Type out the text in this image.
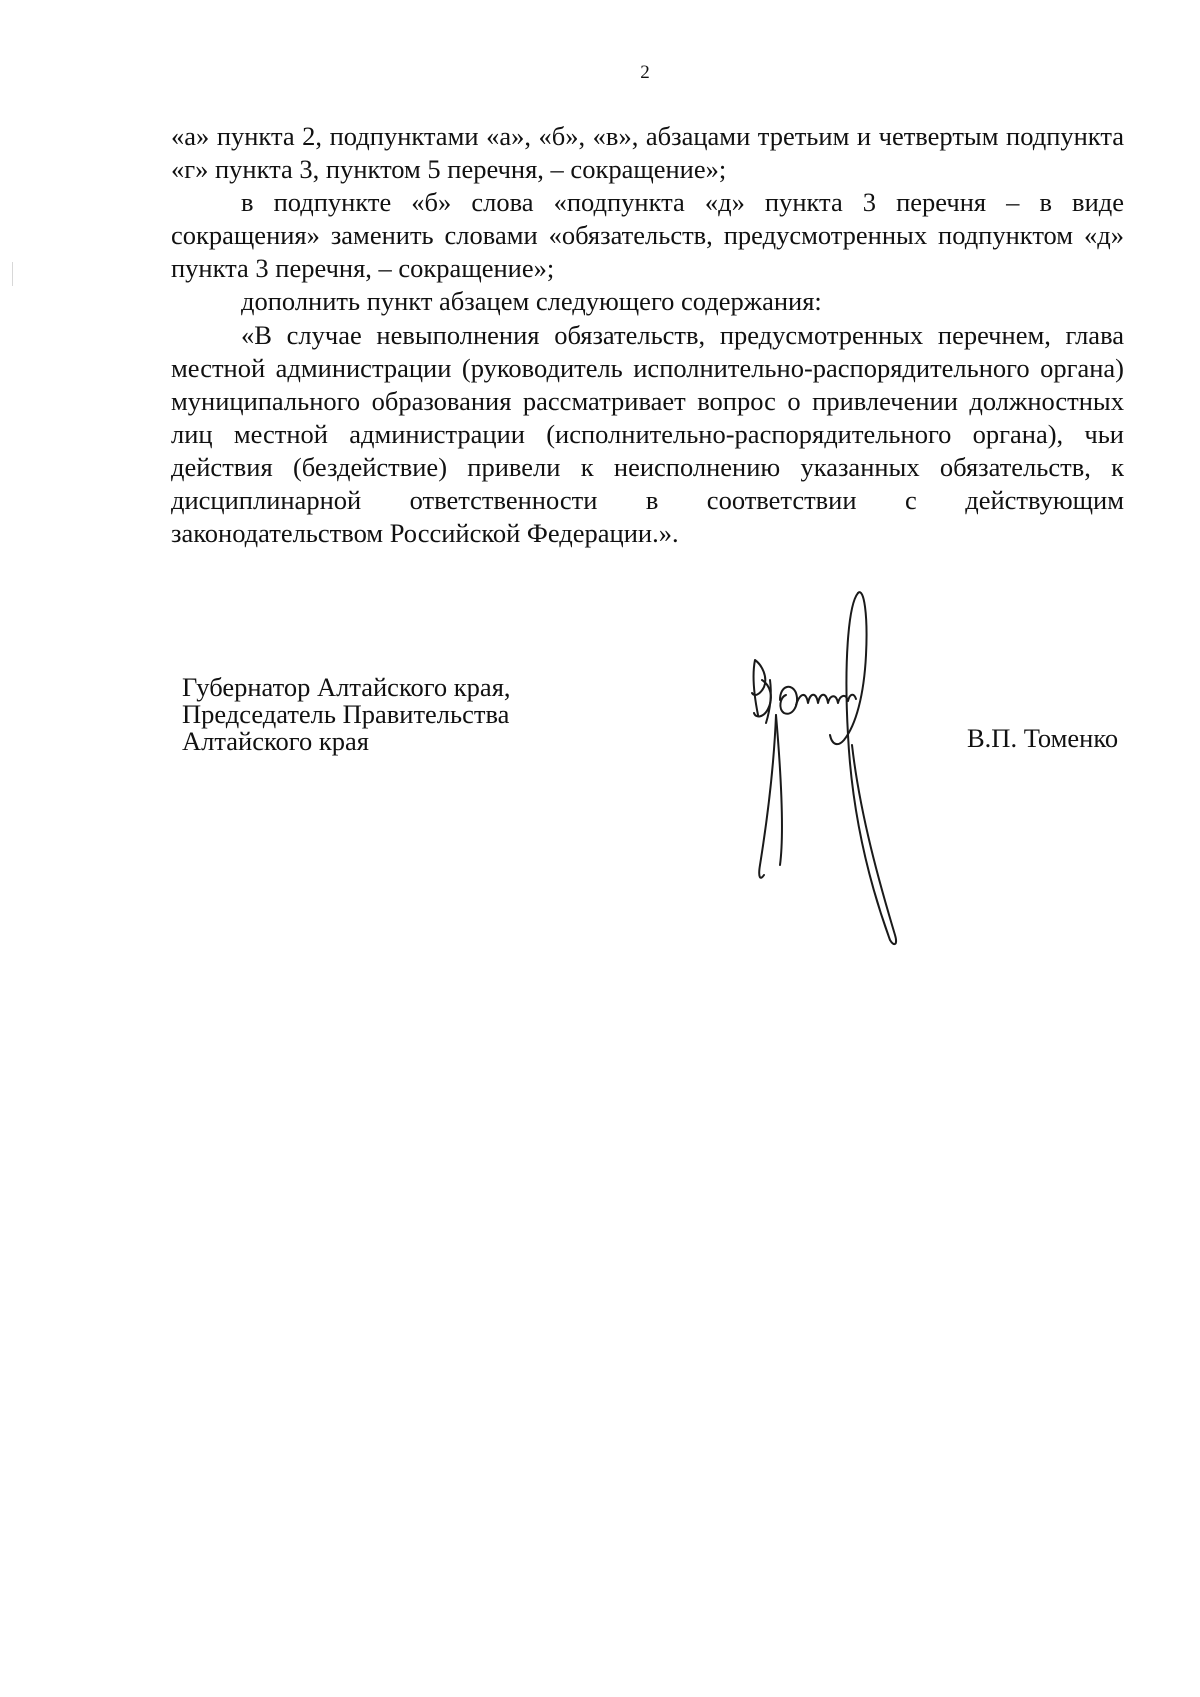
2

«а» пункта 2, подпунктами «а», «б», «в», абзацами третьим и четвертым подпункта «г» пункта 3, пунктом 5 перечня, – сокращение»;

в подпункте «б» слова «подпункта «д» пункта 3 перечня – в виде сокращения» заменить словами «обязательств, предусмотренных подпунктом «д» пункта 3 перечня, – сокращение»;

дополнить пункт абзацем следующего содержания:

«В случае невыполнения обязательств, предусмотренных перечнем, глава местной администрации (руководитель исполнительно-распорядительного органа) муниципального образования рассматривает вопрос о привлечении должностных лиц местной администрации (исполнительно-распорядительного органа), чьи действия (бездействие) привели к неисполнению указанных обязательств, к дисциплинарной ответственности в соответствии с действующим законодательством Российской Федерации.».

Губернатор Алтайского края,
Председатель Правительства
Алтайского края	В.П. Томенко
